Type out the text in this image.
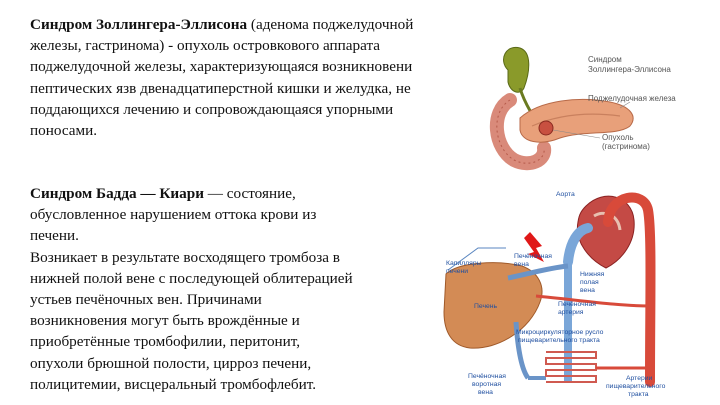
Синдром Золлингера-Эллисона (аденома поджелудочной
железы, гастринома) - опухоль островкового аппарата
поджелудочной железы, характеризующаяся возникновени
пептических язв двенадцатиперстной кишки и желудка, не
поддающихся лечению и сопровождающаяся упорными
поносами.
Синдром Бадда — Киари — состояние,
обусловленное нарушением оттока крови из
печени.
Возникает в результате восходящего тромбоза в
нижней полой вене с последующей облитерацией
устьев печёночных вен. Причинами
возникновения могут быть врождённые и
приобретённые тромбофилии, перитонит,
опухоли брюшной полости, цирроз печени,
полицитемии, висцеральный тромбофлебит.
Синдром
Золлингера-Эллисона
Поджелудочная железа
Опухоль
(гастринома)
Аорта
Капилляры
печени
Печёночная
вена
Нижняя
полая
вена
Печень	Печёночная
артерия
Микроциркуляторное русло
пищеварительного тракта
Печёночная
воротная
вена
Артерии
пищеварительного
тракта
